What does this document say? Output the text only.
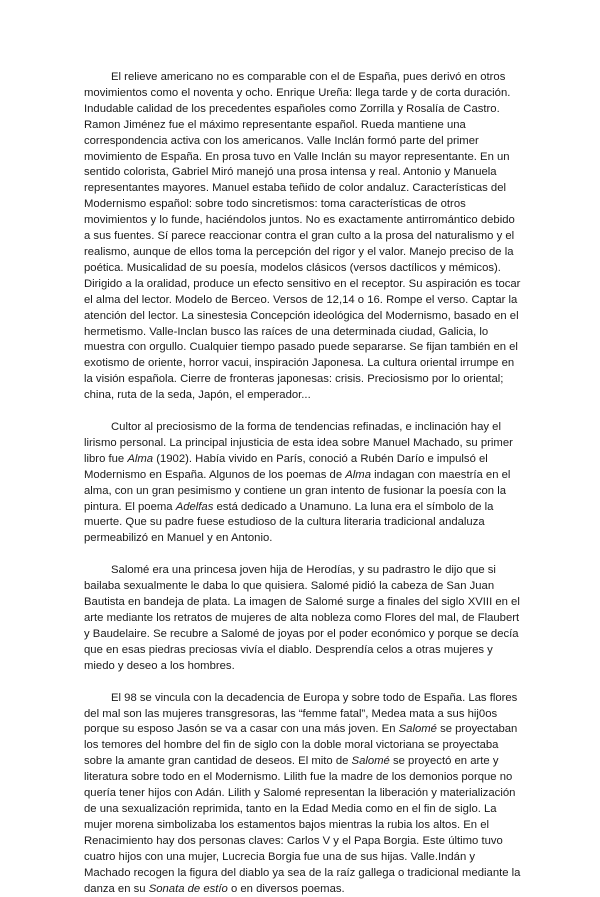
El relieve americano no es comparable con el de España, pues derivó en otros movimientos como el noventa y ocho. Enrique Ureña: llega tarde y de corta duración. Indudable calidad de los precedentes españoles como Zorrilla y Rosalía de Castro. Ramon Jiménez fue el máximo representante español. Rueda mantiene una correspondencia activa con los americanos. Valle Inclán formó parte del primer movimiento de España. En prosa tuvo en Valle Inclán su mayor representante. En un sentido colorista, Gabriel Miró manejó una prosa intensa y real. Antonio y Manuela representantes mayores. Manuel estaba teñido de color andaluz. Características del Modernismo español: sobre todo sincretismos: toma características de otros movimientos y lo funde, haciéndolos juntos. No es exactamente antirromántico debido a sus fuentes. Sí parece reaccionar contra el gran culto a la prosa del naturalismo y el realismo, aunque de ellos toma la percepción del rigor y el valor. Manejo preciso de la poética. Musicalidad de su poesía, modelos clásicos (versos dactílicos y mémicos). Dirigido a la oralidad, produce un efecto sensitivo en el receptor. Su aspiración es tocar el alma del lector. Modelo de Berceo. Versos de 12,14 o 16. Rompe el verso. Captar la atención del lector. La sinestesia Concepción ideológica del Modernismo, basado en el hermetismo. Valle-Inclan busco las raíces de una determinada ciudad, Galicia, lo muestra con orgullo. Cualquier tiempo pasado puede separarse. Se fijan también en el exotismo de oriente, horror vacui, inspiración Japonesa. La cultura oriental irrumpe en la visión española. Cierre de fronteras japonesas: crisis. Preciosismo por lo oriental; china, ruta de la seda, Japón, el emperador...

Cultor al preciosismo de la forma de tendencias refinadas, e inclinación hay el lirismo personal. La principal injusticia de esta idea sobre Manuel Machado, su primer libro fue Alma (1902). Había vivido en París, conoció a Rubén Darío e impulsó el Modernismo en España. Algunos de los poemas de Alma indagan con maestría en el alma, con un gran pesimismo y contiene un gran intento de fusionar la poesía con la pintura. El poema Adelfas está dedicado a Unamuno. La luna era el símbolo de la muerte. Que su padre fuese estudioso de la cultura literaria tradicional andaluza permeabilizó en Manuel y en Antonio.

Salomé era una princesa joven hija de Herodías, y su padrastro le dijo que si bailaba sexualmente le daba lo que quisiera. Salomé pidió la cabeza de San Juan Bautista en bandeja de plata. La imagen de Salomé surge a finales del siglo XVIII en el arte mediante los retratos de mujeres de alta nobleza como Flores del mal, de Flaubert y Baudelaire. Se recubre a Salomé de joyas por el poder económico y porque se decía que en esas piedras preciosas vivía el diablo. Desprendía celos a otras mujeres y miedo y deseo a los hombres.

El 98 se vincula con la decadencia de Europa y sobre todo de España. Las flores del mal son las mujeres transgresoras, las “femme fatal”, Medea mata a sus hij0os porque su esposo Jasón se va a casar con una más joven. En Salomé se proyectaban los temores del hombre del fin de siglo con la doble moral victoriana se proyectaba sobre la amante gran cantidad de deseos. El mito de Salomé se proyectó en arte y literatura sobre todo en el Modernismo. Lilith fue la madre de los demonios porque no quería tener hijos con Adán. Lilith y Salomé representan la liberación y materialización de una sexualización reprimida, tanto en la Edad Media como en el fin de siglo. La mujer morena simbolizaba los estamentos bajos mientras la rubia los altos. En el Renacimiento hay dos personas claves: Carlos V y el Papa Borgia. Este último tuvo cuatro hijos con una mujer, Lucrecia Borgia fue una de sus hijas. Valle.Indán y Machado recogen la figura del diablo ya sea de la raíz gallega o tradicional mediante la danza en su Sonata de estío o en diversos poemas.
